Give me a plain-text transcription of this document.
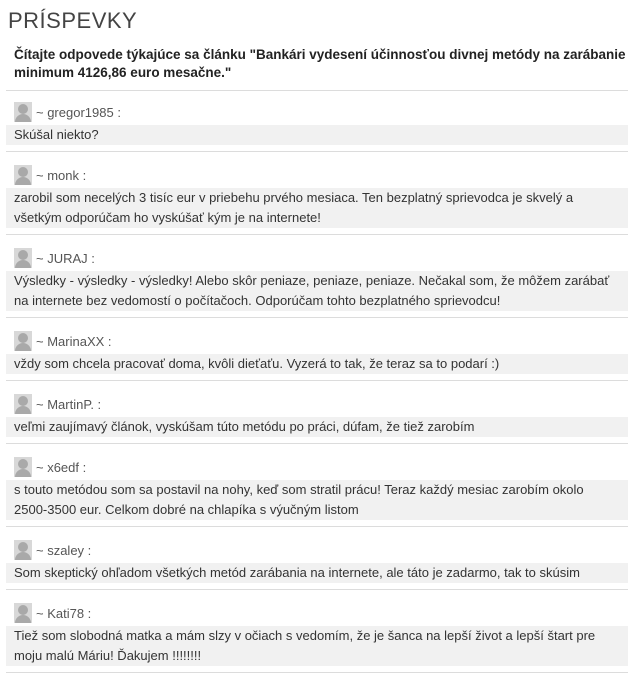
PRÍSPEVKY
Čítajte odpovede týkajúce sa článku "Bankári vydesení účinnosťou divnej metódy na zarábanie minimum 4126,86 euro mesačne."
~ gregor1985 :
Skúšal niekto?
~ monk :
zarobil som necelých 3 tisíc eur v priebehu prvého mesiaca. Ten bezplatný sprievodca je skvelý a všetkým odporúčam ho vyskúšať kým je na internete!
~ JURAJ :
Výsledky - výsledky - výsledky! Alebo skôr peniaze, peniaze, peniaze. Nečakal som, že môžem zarábať na internete bez vedomostí o počítačoch. Odporúčam tohto bezplatného sprievodcu!
~ MarinaXX :
vždy som chcela pracovať doma, kvôli dieťaťu. Vyzerá to tak, že teraz sa to podarí :)
~ MartinP. :
veľmi zaujímavý článok, vyskúšam túto metódu po práci, dúfam, že tiež zarobím
~ x6edf :
s touto metódou som sa postavil na nohy, keď som stratil prácu! Teraz každý mesiac zarobím okolo 2500-3500 eur. Celkom dobré na chlapíka s výučným listom
~ szaley :
Som skeptický ohľadom všetkých metód zarábania na internete, ale táto je zadarmo, tak to skúsim
~ Kati78 :
Tiež som slobodná matka a mám slzy v očiach s vedomím, že je šanca na lepší život a lepší štart pre moju malú Máriu! Ďakujem !!!!!!!!
